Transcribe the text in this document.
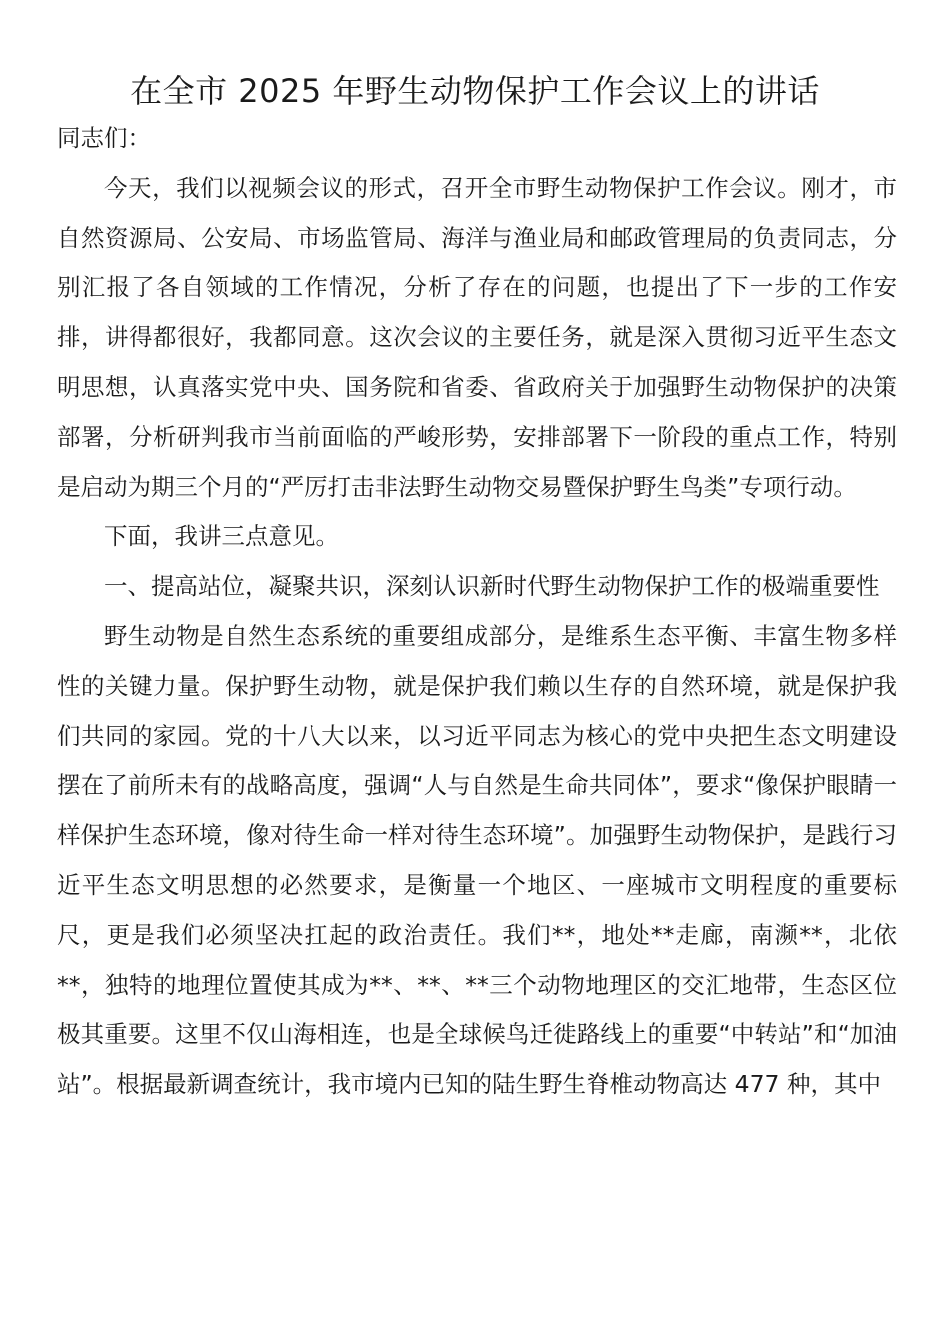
在全市 2025 年野生动物保护工作会议上的讲话

同志们：

今天，我们以视频会议的形式，召开全市野生动物保护工作会议。刚才，市自然资源局、公安局、市场监管局、海洋与渔业局和邮政管理局的负责同志，分别汇报了各自领域的工作情况，分析了存在的问题，也提出了下一步的工作安排，讲得都很好，我都同意。这次会议的主要任务，就是深入贯彻习近平生态文明思想，认真落实党中央、国务院和省委、省政府关于加强野生动物保护的决策部署，分析研判我市当前面临的严峻形势，安排部署下一阶段的重点工作，特别是启动为期三个月的“严厉打击非法野生动物交易暨保护野生鸟类”专项行动。

下面，我讲三点意见。

一、提高站位，凝聚共识，深刻认识新时代野生动物保护工作的极端重要性

野生动物是自然生态系统的重要组成部分，是维系生态平衡、丰富生物多样性的关键力量。保护野生动物，就是保护我们赖以生存的自然环境，就是保护我们共同的家园。党的十八大以来，以习近平同志为核心的党中央把生态文明建设摆在了前所未有的战略高度，强调“人与自然是生命共同体”，要求“像保护眼睛一样保护生态环境，像对待生命一样对待生态环境”。加强野生动物保护，是践行习近平生态文明思想的必然要求，是衡量一个地区、一座城市文明程度的重要标尺，更是我们必须坚决扛起的政治责任。我们**，地处**走廊，南濒**，北依**，独特的地理位置使其成为**、**、**三个动物地理区的交汇地带，生态区位极其重要。这里不仅山海相连，也是全球候鸟迁徙路线上的重要“中转站”和“加油站”。根据最新调查统计，我市境内已知的陆生野生脊椎动物高达 477 种，其中
